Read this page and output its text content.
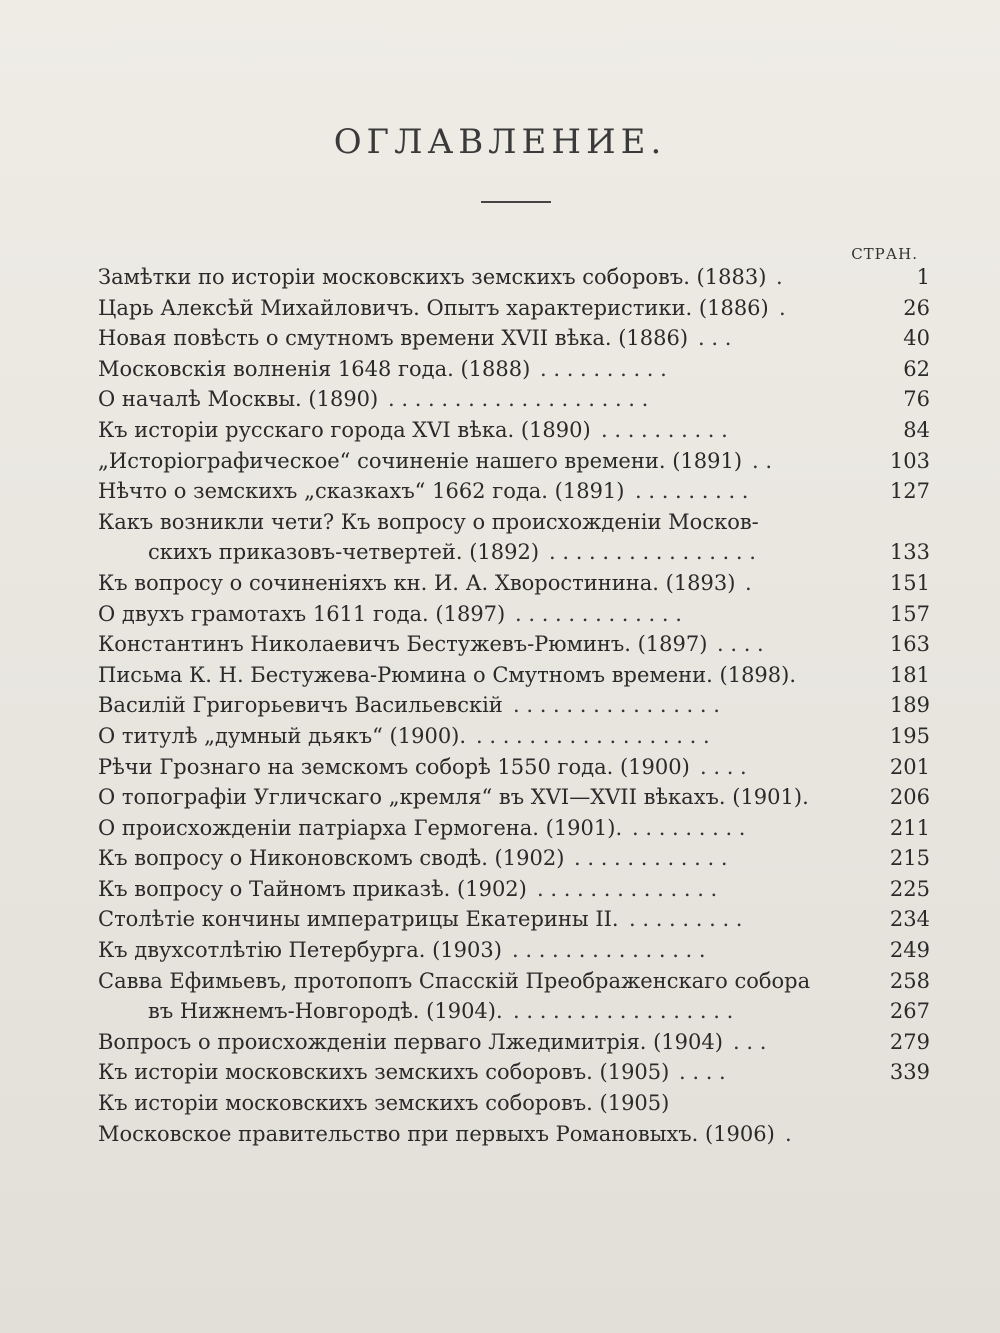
ОГЛАВЛЕНИЕ.
СТРАН.
Замѣтки по исторіи московскихъ земскихъ соборовъ. (1883) .	1
Царь Алексѣй Михайловичъ. Опытъ характеристики. (1886) .	26
Новая повѣсть о смутномъ времени XVII вѣка. (1886) . . .	40
Московскія волненія 1648 года. (1888) . . . . . . . . . .	62
О началѣ Москвы. (1890) . . . . . . . . . . . . . . . . . . . .	76
Къ исторіи русскаго города XVI вѣка. (1890) . . . . . . . . . .	84
„Исторіографическое“ сочиненіе нашего времени. (1891) . .	103
Нѣчто о земскихъ „сказкахъ“ 1662 года. (1891) . . . . . . . . .	127
Какъ возникли чети? Къ вопросу о происхожденіи Москов-
скихъ приказовъ-четвертей. (1892) . . . . . . . . . . . . . . . .	133
Къ вопросу о сочиненіяхъ кн. И. А. Хворостинина. (1893) .	151
О двухъ грамотахъ 1611 года. (1897) . . . . . . . . . . . . .	157
Константинъ Николаевичъ Бестужевъ-Рюминъ. (1897) . . . .	163
Письма К. Н. Бестужева-Рюмина о Смутномъ времени. (1898).	181
Василій Григорьевичъ Васильевскій . . . . . . . . . . . . . . . .	189
О титулѣ „думный дьякъ“ (1900). . . . . . . . . . . . . . . . . . .	195
Рѣчи Грознаго на земскомъ соборѣ 1550 года. (1900) . . . .	201
О топографіи Угличскаго „кремля“ въ XVI—XVII вѣкахъ. (1901).	206
О происхожденіи патріарха Гермогена. (1901). . . . . . . . . .	211
Къ вопросу о Никоновскомъ сводѣ. (1902) . . . . . . . . . . . .	215
Къ вопросу о Тайномъ приказѣ. (1902) . . . . . . . . . . . . . .	225
Столѣтіе кончины императрицы Екатерины II. . . . . . . . . .	234
Къ двухсотлѣтію Петербурга. (1903) . . . . . . . . . . . . . . .	249
Савва Ефимьевъ, протопопъ Спасскій Преображенскаго собора	258
въ Нижнемъ-Новгородѣ. (1904). . . . . . . . . . . . . . . . . .	267
Вопросъ о происхожденіи перваго Лжедимитрія. (1904) . . .	279
Къ исторіи московскихъ земскихъ соборовъ. (1905) . . . .	339
Къ исторіи московскихъ земскихъ соборовъ. (1905)
Московское правительство при первыхъ Романовыхъ. (1906) .
